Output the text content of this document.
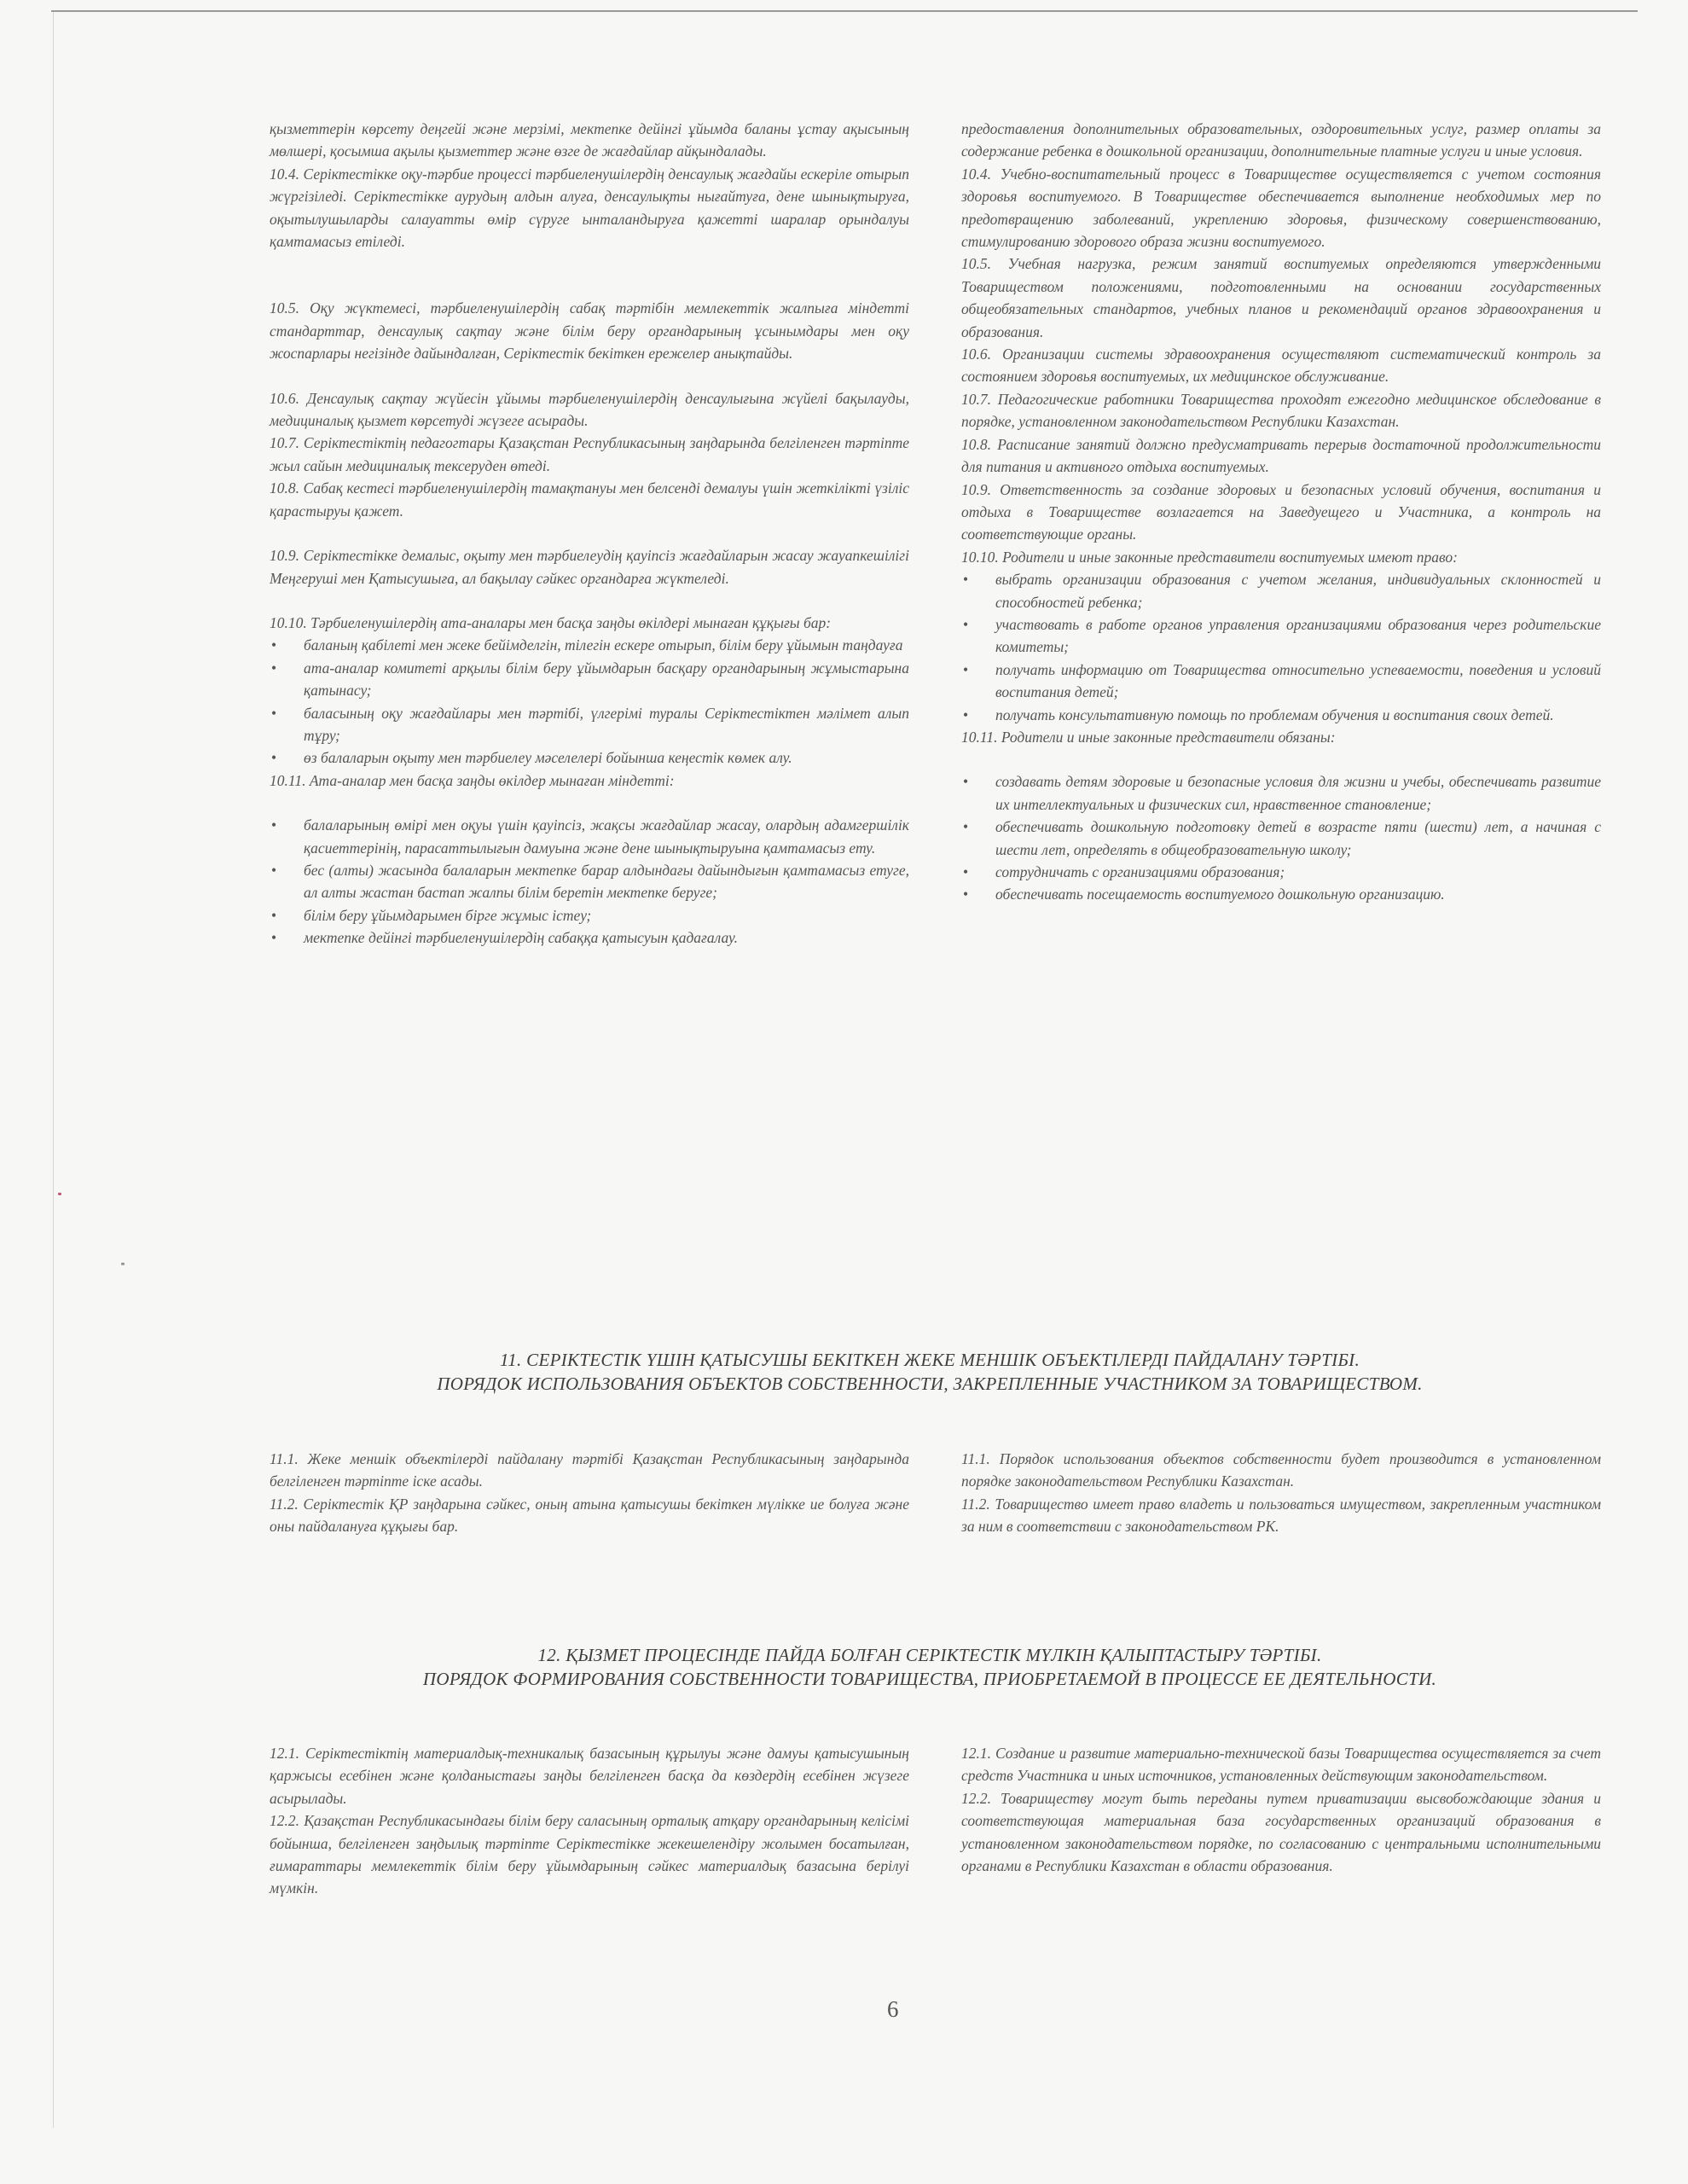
қызметтерін көрсету деңгейі және мерзімі, мектепке дейінгі ұйымда баланы ұстау ақысының мөлшері, қосымша ақылы қызметтер және өзге де жағдайлар айқындалады.

10.4. Серіктестікке оқу-тәрбие процессі тәрбиеленушілердің денсаулық жағдайы ескеріле отырып жүргізіледі. Серіктестікке аурудың алдын алуға, денсаулықты нығайтуға, дене шынықтыруға, оқытылушыларды салауатты өмір сүруге ынталандыруға қажетті шаралар орындалуы қамтамасыз етіледі.

10.5. Оқу жүктемесі, тәрбиеленушілердің сабақ тәртібін мемлекеттік жалпыға міндетті стандарттар, денсаулық сақтау және білім беру органдарының ұсынымдары мен оқу жоспарлары негізінде дайындалған, Серіктестік бекіткен ережелер анықтайды.

10.6. Денсаулық сақтау жүйесін ұйымы тәрбиеленушілердің денсаулығына жүйелі бақылауды, медициналық қызмет көрсетуді жүзеге асырады.

10.7. Серіктестіктің педагогтары Қазақстан Республикасының заңдарында белгіленген тәртіпте жыл сайын медициналық тексеруден өтеді.

10.8. Сабақ кестесі тәрбиеленушілердің тамақтануы мен белсенді демалуы үшін жеткілікті үзіліс қарастыруы қажет.

10.9. Серіктестікке демалыс, оқыту мен тәрбиелеудің қауіпсіз жағдайларын жасау жауапкешілігі Меңгеруші мен Қатысушыға, ал бақылау сәйкес органдарға жүктеледі.

10.10. Тәрбиеленушілердің ата-аналары мен басқа заңды өкілдері мынаған құқығы бар:

• баланың қабілеті мен жеке бейімделгін, тілегін ескере отырып, білім беру ұйымын таңдауға
• ата-аналар комитеті арқылы білім беру ұйымдарын басқару органдарының жұмыстарына қатынасу;
• баласының оқу жағдайлары мен тәртібі, үлгерімі туралы Серіктестіктен мәлімет алып тұру;
• өз балаларын оқыту мен тәрбиелеу мәселелері бойынша кеңестік көмек алу.

10.11. Ата-аналар мен басқа заңды өкілдер мынаған міндетті:

• балаларының өмірі мен оқуы үшін қауіпсіз, жақсы жағдайлар жасау, олардың адамгершілік қасиеттерінің, парасаттылығын дамуына және дене шынықтыруына қамтамасыз ету.
• бес (алты) жасында балаларын мектепке барар алдындағы дайындығын қамтамасыз етуге, ал алты жастан бастап жалпы білім беретін мектепке беруге;
• білім беру ұйымдарымен бірге жұмыс істеу;
• мектепке дейінгі тәрбиеленушілердің сабаққа қатысуын қадағалау.

предоставления дополнительных образовательных, оздоровительных услуг, размер оплаты за содержание ребенка в дошкольной организации, дополнительные платные услуги и иные условия.

10.4. Учебно-воспитательный процесс в Товариществе осуществляется с учетом состояния здоровья воспитуемого. В Товариществе обеспечивается выполнение необходимых мер по предотвращению заболеваний, укреплению здоровья, физическому совершенствованию, стимулированию здорового образа жизни воспитуемого.

10.5. Учебная нагрузка, режим занятий воспитуемых определяются утвержденными Товариществом положениями, подготовленными на основании государственных общеобязательных стандартов, учебных планов и рекомендаций органов здравоохранения и образования.

10.6. Организации системы здравоохранения осуществляют систематический контроль за состоянием здоровья воспитуемых, их медицинское обслуживание.

10.7. Педагогические работники Товарищества проходят ежегодно медицинское обследование в порядке, установленном законодательством Республики Казахстан.

10.8. Расписание занятий должно предусматривать перерыв достаточной продолжительности для питания и активного отдыха воспитуемых.

10.9. Ответственность за создание здоровых и безопасных условий обучения, воспитания и отдыха в Товариществе возлагается на Заведуещего и Участника, а контроль на соответствующие органы.

10.10. Родители и иные законные представители воспитуемых имеют право:

• выбрать организации образования с учетом желания, индивидуальных склонностей и способностей ребенка;
• участвовать в работе органов управления организациями образования через родительские комитеты;
• получать информацию от Товарищества относительно успеваемости, поведения и условий воспитания детей;
• получать консультативную помощь по проблемам обучения и воспитания своих детей.

10.11. Родители и иные законные представители обязаны:

• создавать детям здоровые и безопасные условия для жизни и учебы, обеспечивать развитие их интеллектуальных и физических сил, нравственное становление;
• обеспечивать дошкольную подготовку детей в возрасте пяти (шести) лет, а начиная с шести лет, определять в общеобразовательную школу;
• сотрудничать с организациями образования;
• обеспечивать посещаемость воспитуемого дошкольную организацию.
11. СЕРІКТЕСТІК ҮШІН ҚАТЫСУШЫ БЕКІТКЕН ЖЕКЕ МЕНШІК ОБЪЕКТІЛЕРДІ ПАЙДАЛАНУ ТӘРТІБІ.
ПОРЯДОК ИСПОЛЬЗОВАНИЯ ОБЪЕКТОВ СОБСТВЕННОСТИ, ЗАКРЕПЛЕННЫЕ УЧАСТНИКОМ ЗА ТОВАРИЩЕСТВОМ.

11.1. Жеке меншік объектілерді пайдалану тәртібі Қазақстан Республикасының заңдарында белгіленген тәртіпте іске асады.

11.2. Серіктестік ҚР заңдарына сәйкес, оның атына қатысушы бекіткен мүлікке ие болуға және оны пайдалануға құқығы бар.

11.1. Порядок использования объектов собственности будет производится в установленном порядке законодательством Республики Казахстан.

11.2. Товарищество имеет право владеть и пользоваться имуществом, закрепленным участником за ним в соответствии с законодательством РК.

12. ҚЫЗМЕТ ПРОЦЕСІНДЕ ПАЙДА БОЛҒАН СЕРІКТЕСТІК МҮЛКІН ҚАЛЫПТАСТЫРУ ТӘРТІБІ.
ПОРЯДОК ФОРМИРОВАНИЯ СОБСТВЕННОСТИ ТОВАРИЩЕСТВА, ПРИОБРЕТАЕМОЙ В ПРОЦЕССЕ ЕЕ ДЕЯТЕЛЬНОСТИ.

12.1. Серіктестіктің материалдық-техникалық базасының құрылуы және дамуы қатысушының қаржысы есебінен және қолданыстағы заңды белгіленген басқа да көздердің есебінен жүзеге асырылады.

12.2. Қазақстан Республикасындағы білім беру саласының орталық атқару органдарының келісімі бойынша, белгіленген заңдылық тәртіпте Серіктестікке жекешелендіру жолымен босатылған, ғимараттары мемлекеттік білім беру ұйымдарының сәйкес материалдық базасына берілуі мүмкін.

12.1. Создание и развитие материально-технической базы Товарищества осуществляется за счет средств Участника и иных источников, установленных действующим законодательством.

12.2. Товариществу могут быть переданы путем приватизации высвобождающие здания и соответствующая материальная база государственных организаций образования в установленном законодательством порядке, по согласованию с центральными исполнительными органами в Республики Казахстан в области образования.

6
